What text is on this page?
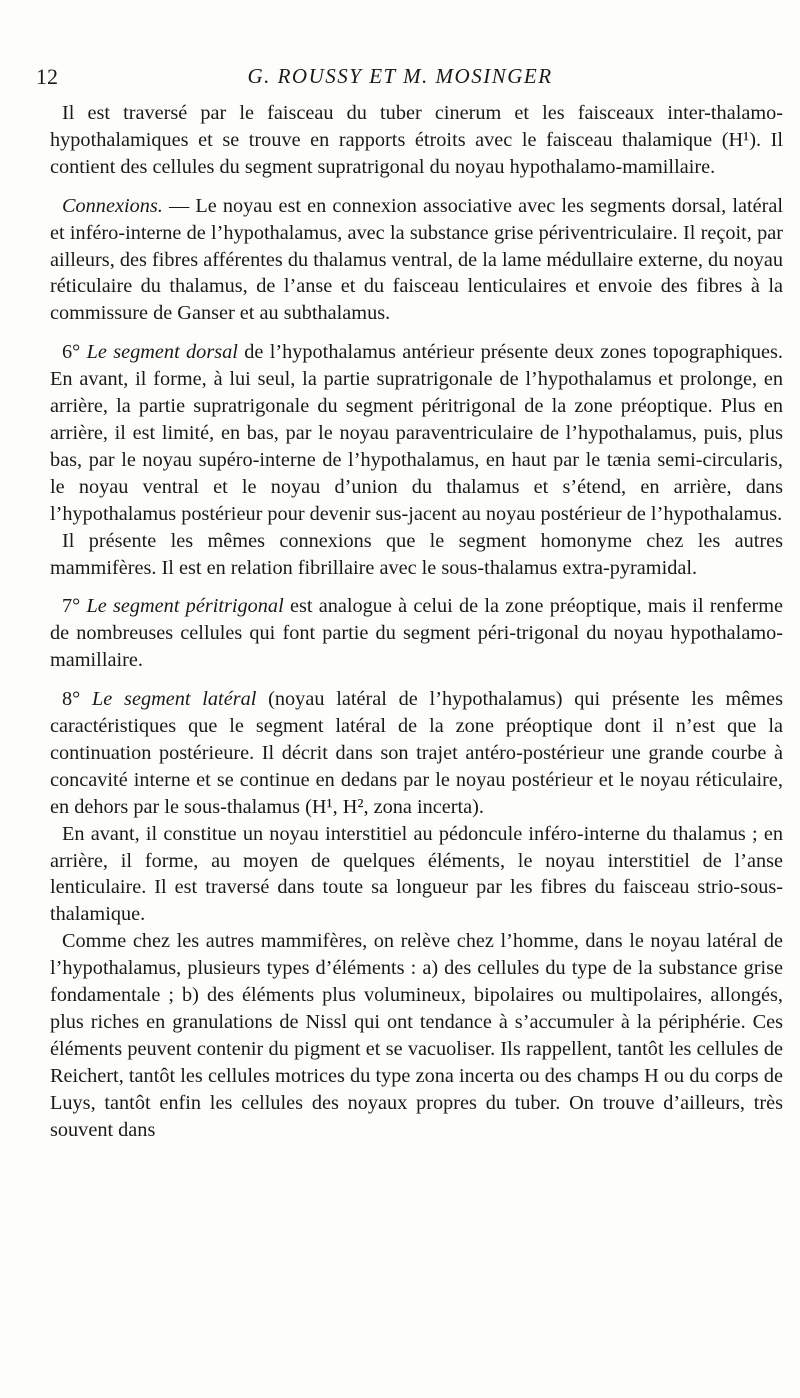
12	G. ROUSSY ET M. MOSINGER

Il est traversé par le faisceau du tuber cinerum et les faisceaux inter-thalamo-hypothalamiques et se trouve en rapports étroits avec le faisceau thalamique (H¹). Il contient des cellules du segment supratrigonal du noyau hypothalamo-mamillaire.

Connexions. — Le noyau est en connexion associative avec les segments dorsal, latéral et inféro-interne de l’hypothalamus, avec la substance grise périventriculaire. Il reçoit, par ailleurs, des fibres afférentes du thalamus ventral, de la lame médullaire externe, du noyau réticulaire du thalamus, de l’anse et du faisceau lenticulaires et envoie des fibres à la commissure de Ganser et au subthalamus.

6° Le segment dorsal de l’hypothalamus antérieur présente deux zones topographiques. En avant, il forme, à lui seul, la partie supratrigonale de l’hypothalamus et prolonge, en arrière, la partie supratrigonale du segment péritrigonal de la zone préoptique. Plus en arrière, il est limité, en bas, par le noyau paraventriculaire de l’hypothalamus, puis, plus bas, par le noyau supéro-interne de l’hypothalamus, en haut par le tænia semi-circularis, le noyau ventral et le noyau d’union du thalamus et s’étend, en arrière, dans l’hypothalamus postérieur pour devenir sus-jacent au noyau postérieur de l’hypothalamus.

Il présente les mêmes connexions que le segment homonyme chez les autres mammifères. Il est en relation fibrillaire avec le sous-thalamus extra-pyramidal.

7° Le segment péritrigonal est analogue à celui de la zone préoptique, mais il renferme de nombreuses cellules qui font partie du segment péri-trigonal du noyau hypothalamo-mamillaire.

8° Le segment latéral (noyau latéral de l’hypothalamus) qui présente les mêmes caractéristiques que le segment latéral de la zone préoptique dont il n’est que la continuation postérieure. Il décrit dans son trajet antéro-postérieur une grande courbe à concavité interne et se continue en dedans par le noyau postérieur et le noyau réticulaire, en dehors par le sous-thalamus (H¹, H², zona incerta).

En avant, il constitue un noyau interstitiel au pédoncule inféro-interne du thalamus ; en arrière, il forme, au moyen de quelques éléments, le noyau interstitiel de l’anse lenticulaire. Il est traversé dans toute sa longueur par les fibres du faisceau strio-sous-thalamique.

Comme chez les autres mammifères, on relève chez l’homme, dans le noyau latéral de l’hypothalamus, plusieurs types d’éléments : a) des cellules du type de la substance grise fondamentale ; b) des éléments plus volumineux, bipolaires ou multipolaires, allongés, plus riches en granulations de Nissl qui ont tendance à s’accumuler à la périphérie. Ces éléments peuvent contenir du pigment et se vacuoliser. Ils rappellent, tantôt les cellules de Reichert, tantôt les cellules motrices du type zona incerta ou des champs H ou du corps de Luys, tantôt enfin les cellules des noyaux propres du tuber. On trouve d’ailleurs, très souvent dans
